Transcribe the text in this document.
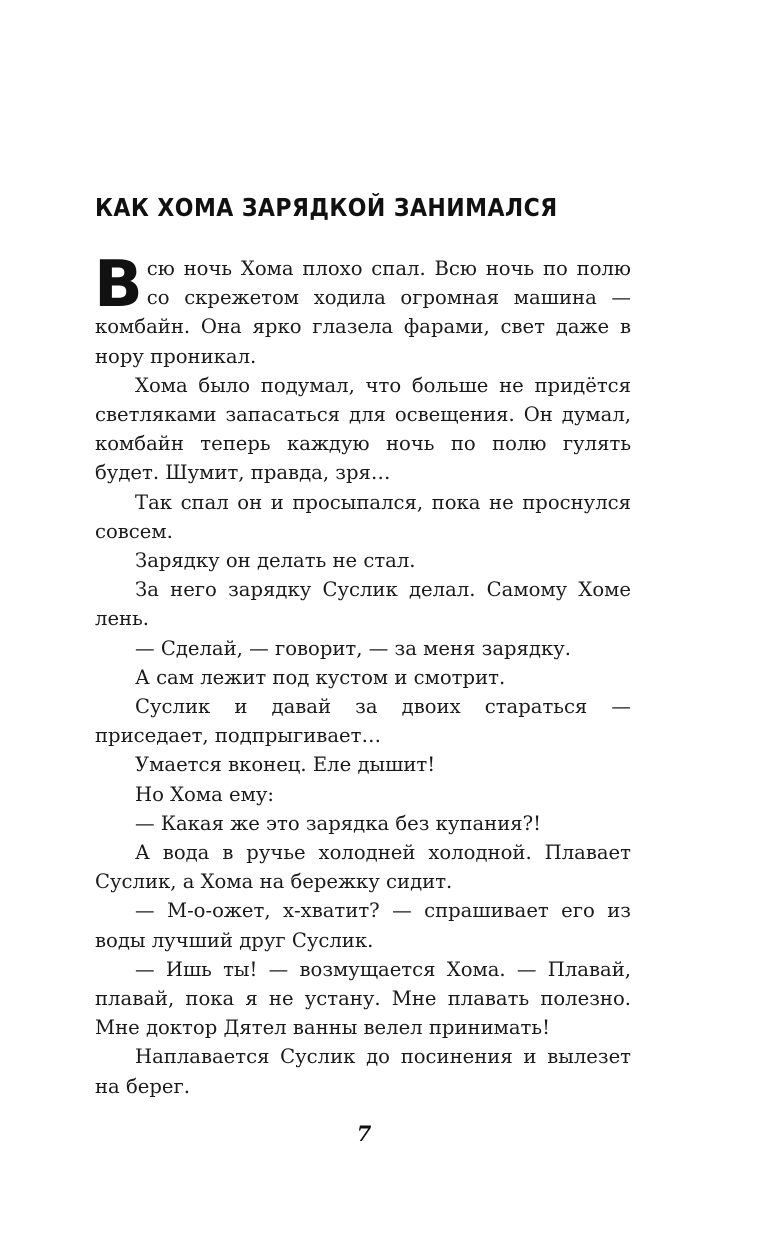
КАК ХОМА ЗАРЯДКОЙ ЗАНИМАЛСЯ

Всю ночь Хома плохо спал. Всю ночь по полю со скрежетом ходила огромная машина — комбайн. Она ярко глазела фарами, свет даже в нору проникал.

Хома было подумал, что больше не придётся светляками запасаться для освещения. Он думал, комбайн теперь каждую ночь по полю гулять будет. Шумит, правда, зря…

Так спал он и просыпался, пока не проснулся совсем.

Зарядку он делать не стал.

За него зарядку Суслик делал. Самому Хоме лень.

— Сделай, — говорит, — за меня зарядку.

А сам лежит под кустом и смотрит.

Суслик и давай за двоих стараться — приседает, подпрыгивает…

Умается вконец. Еле дышит!

Но Хома ему:

— Какая же это зарядка без купания?!

А вода в ручье холодней холодной. Плавает Суслик, а Хома на бережку сидит.

— М-о-ожет, х-хватит? — спрашивает его из воды лучший друг Суслик.

— Ишь ты! — возмущается Хома. — Плавай, плавай, пока я не устану. Мне плавать полезно. Мне доктор Дятел ванны велел принимать!

Наплавается Суслик до посинения и вылезет на берег.

7
